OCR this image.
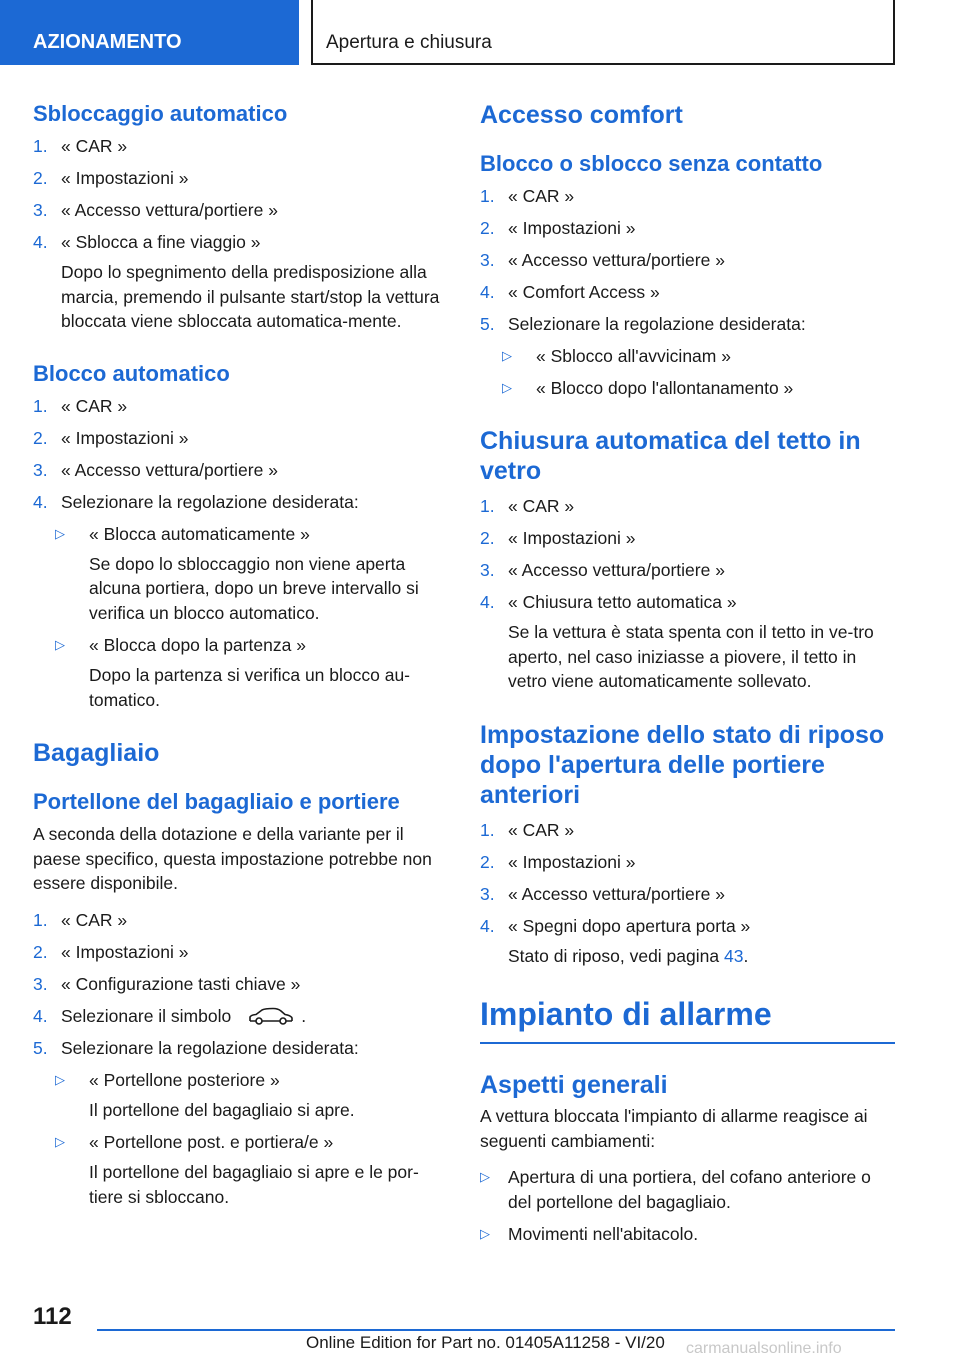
AZIONAMENTO	Apertura e chiusura
Sbloccaggio automatico
1. « CAR »
2. « Impostazioni »
3. « Accesso vettura/portiere »
4. « Sblocca a fine viaggio »
Dopo lo spegnimento della predisposizione alla marcia, premendo il pulsante start/stop la vettura bloccata viene sbloccata automatica-mente.
Blocco automatico
1. « CAR »
2. « Impostazioni »
3. « Accesso vettura/portiere »
4. Selezionare la regolazione desiderata:
▷ « Blocca automaticamente »
Se dopo lo sbloccaggio non viene aperta alcuna portiera, dopo un breve intervallo si verifica un blocco automatico.
▷ « Blocca dopo la partenza »
Dopo la partenza si verifica un blocco au-tomatico.
Bagagliaio
Portellone del bagagliaio e portiere
A seconda della dotazione e della variante per il paese specifico, questa impostazione potrebbe non essere disponibile.
1. « CAR »
2. « Impostazioni »
3. « Configurazione tasti chiave »
4. Selezionare il simbolo	.
5. Selezionare la regolazione desiderata:
▷ « Portellone posteriore »
Il portellone del bagagliaio si apre.
▷ « Portellone post. e portiera/e »
Il portellone del bagagliaio si apre e le por-tiere si sbloccano.
Accesso comfort
Blocco o sblocco senza contatto
1. « CAR »
2. « Impostazioni »
3. « Accesso vettura/portiere »
4. « Comfort Access »
5. Selezionare la regolazione desiderata:
▷ « Sblocco all'avvicinam »
▷ « Blocco dopo l'allontanamento »
Chiusura automatica del tetto in vetro
1. « CAR »
2. « Impostazioni »
3. « Accesso vettura/portiere »
4. « Chiusura tetto automatica »
Se la vettura è stata spenta con il tetto in ve-tro aperto, nel caso iniziasse a piovere, il tetto in vetro viene automaticamente sollevato.
Impostazione dello stato di riposo dopo l'apertura delle portiere anteriori
1. « CAR »
2. « Impostazioni »
3. « Accesso vettura/portiere »
4. « Spegni dopo apertura porta »
Stato di riposo, vedi pagina 43.
Impianto di allarme
Aspetti generali
A vettura bloccata l'impianto di allarme reagisce ai seguenti cambiamenti:
▷ Apertura di una portiera, del cofano anteriore o del portellone del bagagliaio.
▷ Movimenti nell'abitacolo.
112
Online Edition for Part no. 01405A11258 - VI/20 carmanualsonline.info
